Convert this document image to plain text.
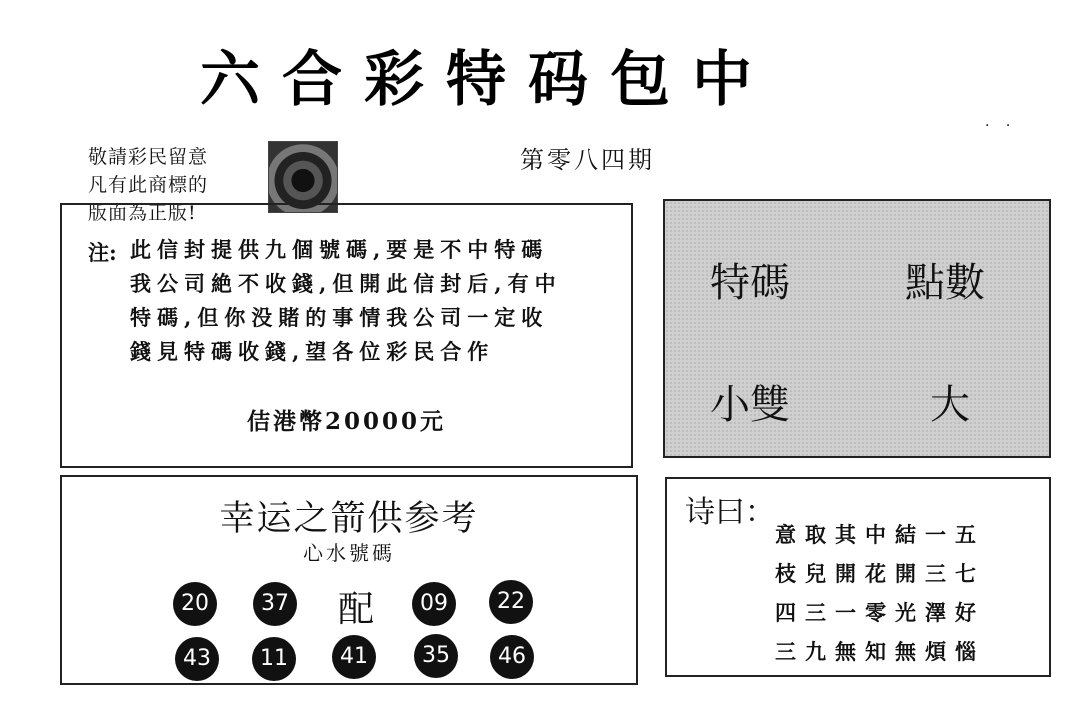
六合彩特码包中
敬請彩民留意
凡有此商標的
版面為正版!
第零八四期
· ·
注: 此信封提供九個號碼,要是不中特碼
我公司絶不收錢,但開此信封后,有中
特碼,但你没賭的事情我公司一定收
錢見特碼收錢,望各位彩民合作
佶港幣20000元
特碼	點數
小雙	大
幸运之箭供参考
心水號碼
20	37 配	09	22
43	11	41	35	46
诗曰：
意取其中結一五
枝兒開花開三七
四三一零光澤好
三九無知無煩惱
